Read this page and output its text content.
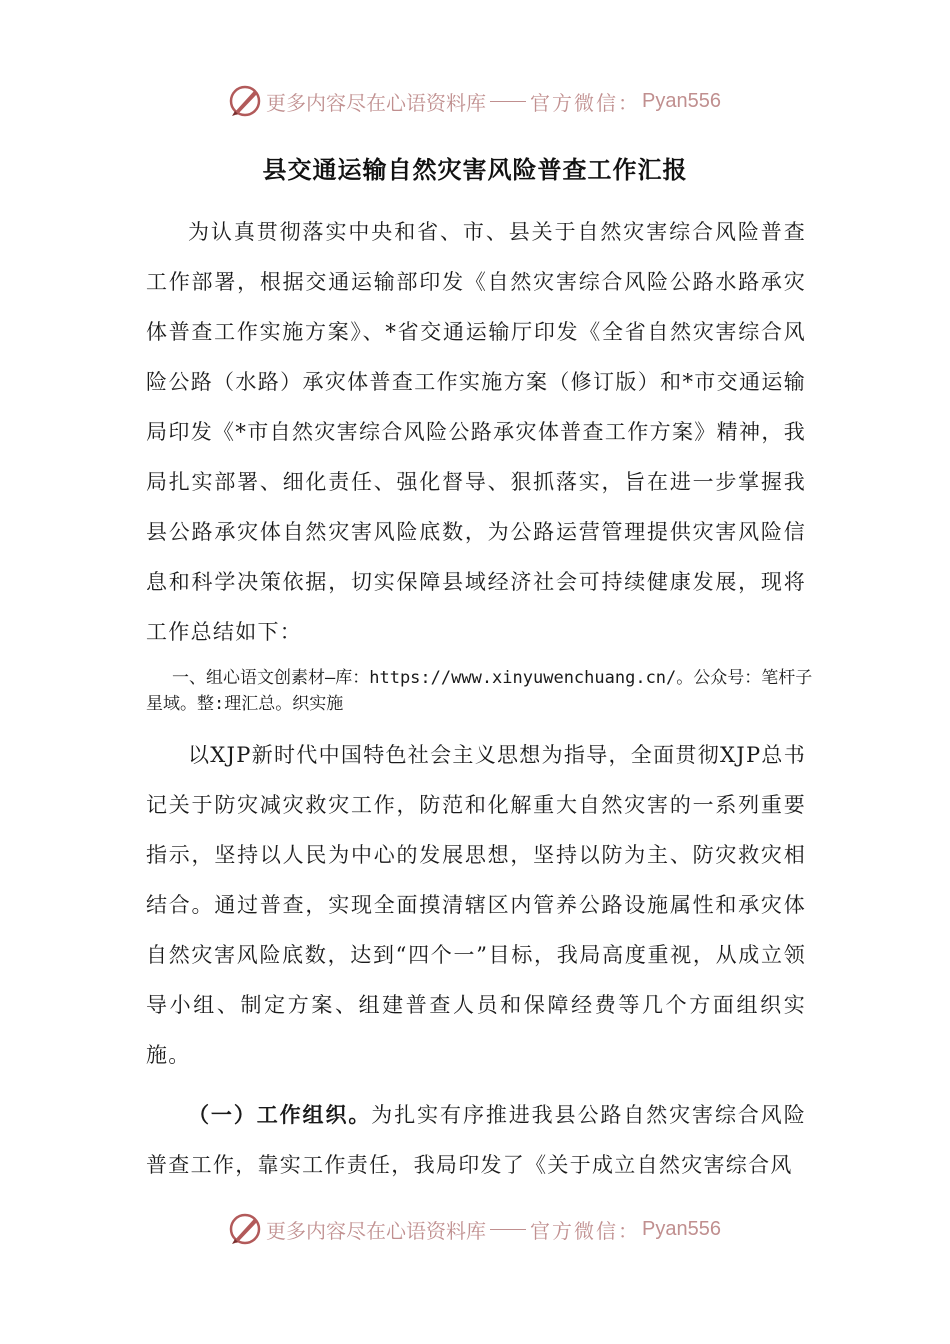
更多内容尽在心语资料库 官方微信： Pyan556
县交通运输自然灾害风险普查工作汇报

为认真贯彻落实中央和省、市、县关于自然灾害综合风险普查工作部署，根据交通运输部印发《自然灾害综合风险公路水路承灾体普查工作实施方案》、*省交通运输厅印发《全省自然灾害综合风险公路（水路）承灾体普查工作实施方案（修订版）和*市交通运输局印发《*市自然灾害综合风险公路承灾体普查工作方案》精神，我局扎实部署、细化责任、强化督导、狠抓落实，旨在进一步掌握我县公路承灾体自然灾害风险底数，为公路运营管理提供灾害风险信息和科学决策依据，切实保障县域经济社会可持续健康发展，现将工作总结如下：

一、组心语文创素材—库：https://www.xinyuwenchuang.cn/。公众号：笔杆子星域。整:理汇总。织实施

以XJP新时代中国特色社会主义思想为指导，全面贯彻XJP总书记关于防灾减灾救灾工作，防范和化解重大自然灾害的一系列重要指示，坚持以人民为中心的发展思想，坚持以防为主、防灾救灾相结合。通过普查，实现全面摸清辖区内管养公路设施属性和承灾体自然灾害风险底数，达到“四个一”目标，我局高度重视，从成立领导小组、制定方案、组建普查人员和保障经费等几个方面组织实施。

（一）工作组织。为扎实有序推进我县公路自然灾害综合风险普查工作，靠实工作责任，我局印发了《关于成立自然灾害综合风

更多内容尽在心语资料库 官方微信： Pyan556
